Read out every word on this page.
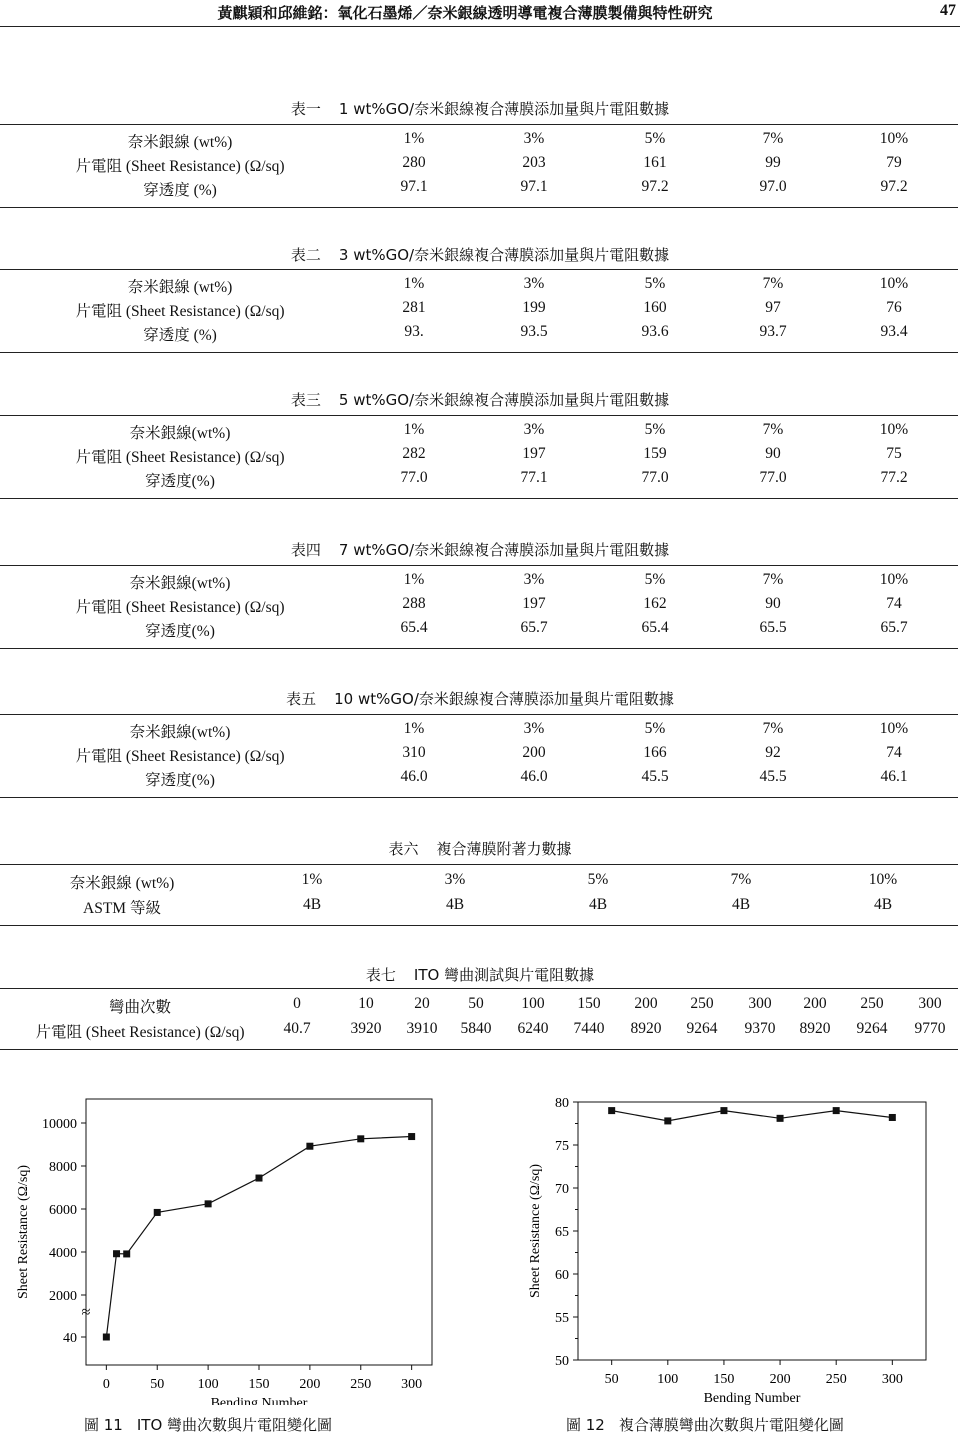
黃麒穎和邱維銘：氧化石墨烯／奈米銀線透明導電複合薄膜製備與特性研究	47
表一 1 wt%GO/奈米銀線複合薄膜添加量與片電阻數據
奈米銀線 (wt%)	1%	3%	5%	7%	10%
片電阻 (Sheet Resistance) (Ω/sq)	280	203	161	99	79
穿透度 (%)	97.1	97.1	97.2	97.0	97.2
表二 3 wt%GO/奈米銀線複合薄膜添加量與片電阻數據
奈米銀線 (wt%)	1%	3%	5%	7%	10%
片電阻 (Sheet Resistance) (Ω/sq)	281	199	160	97	76
穿透度 (%)	93.	93.5	93.6	93.7	93.4
表三 5 wt%GO/奈米銀線複合薄膜添加量與片電阻數據
奈米銀線(wt%)	1%	3%	5%	7%	10%
片電阻 (Sheet Resistance) (Ω/sq)	282	197	159	90	75
穿透度(%)	77.0	77.1	77.0	77.0	77.2
表四 7 wt%GO/奈米銀線複合薄膜添加量與片電阻數據
奈米銀線(wt%)	1%	3%	5%	7%	10%
片電阻 (Sheet Resistance) (Ω/sq)	288	197	162	90	74
穿透度(%)	65.4	65.7	65.4	65.5	65.7
表五 10 wt%GO/奈米銀線複合薄膜添加量與片電阻數據
奈米銀線(wt%)	1%	3%	5%	7%	10%
片電阻 (Sheet Resistance) (Ω/sq)	310	200	166	92	74
穿透度(%)	46.0	46.0	45.5	45.5	46.1
表六 複合薄膜附著力數據
奈米銀線 (wt%)	1%	3%	5%	7%	10%
ASTM 等級	4B	4B	4B	4B	4B
表七 ITO 彎曲測試與片電阻數據
彎曲次數	0	10	20 50 100 150 200 250 300 200 250 300
片電阻 (Sheet Resistance) (Ω/sq)	40.7	3920 3910 5840 6240 7440 8920 9264 9370 8920 9264 9770
0	50 100 150 200 250 300
40
2000
4000
6000
8000
10000
Bending Number
Sheet Resistance (Ω/sq)
≈
圖 11 ITO 彎曲次數與片電阻變化圖
50	100	150	200	250	300
50
55
60
65
70
75
80
Bending Number
Sheet Resistance (Ω/sq)
圖 12 複合薄膜彎曲次數與片電阻變化圖
